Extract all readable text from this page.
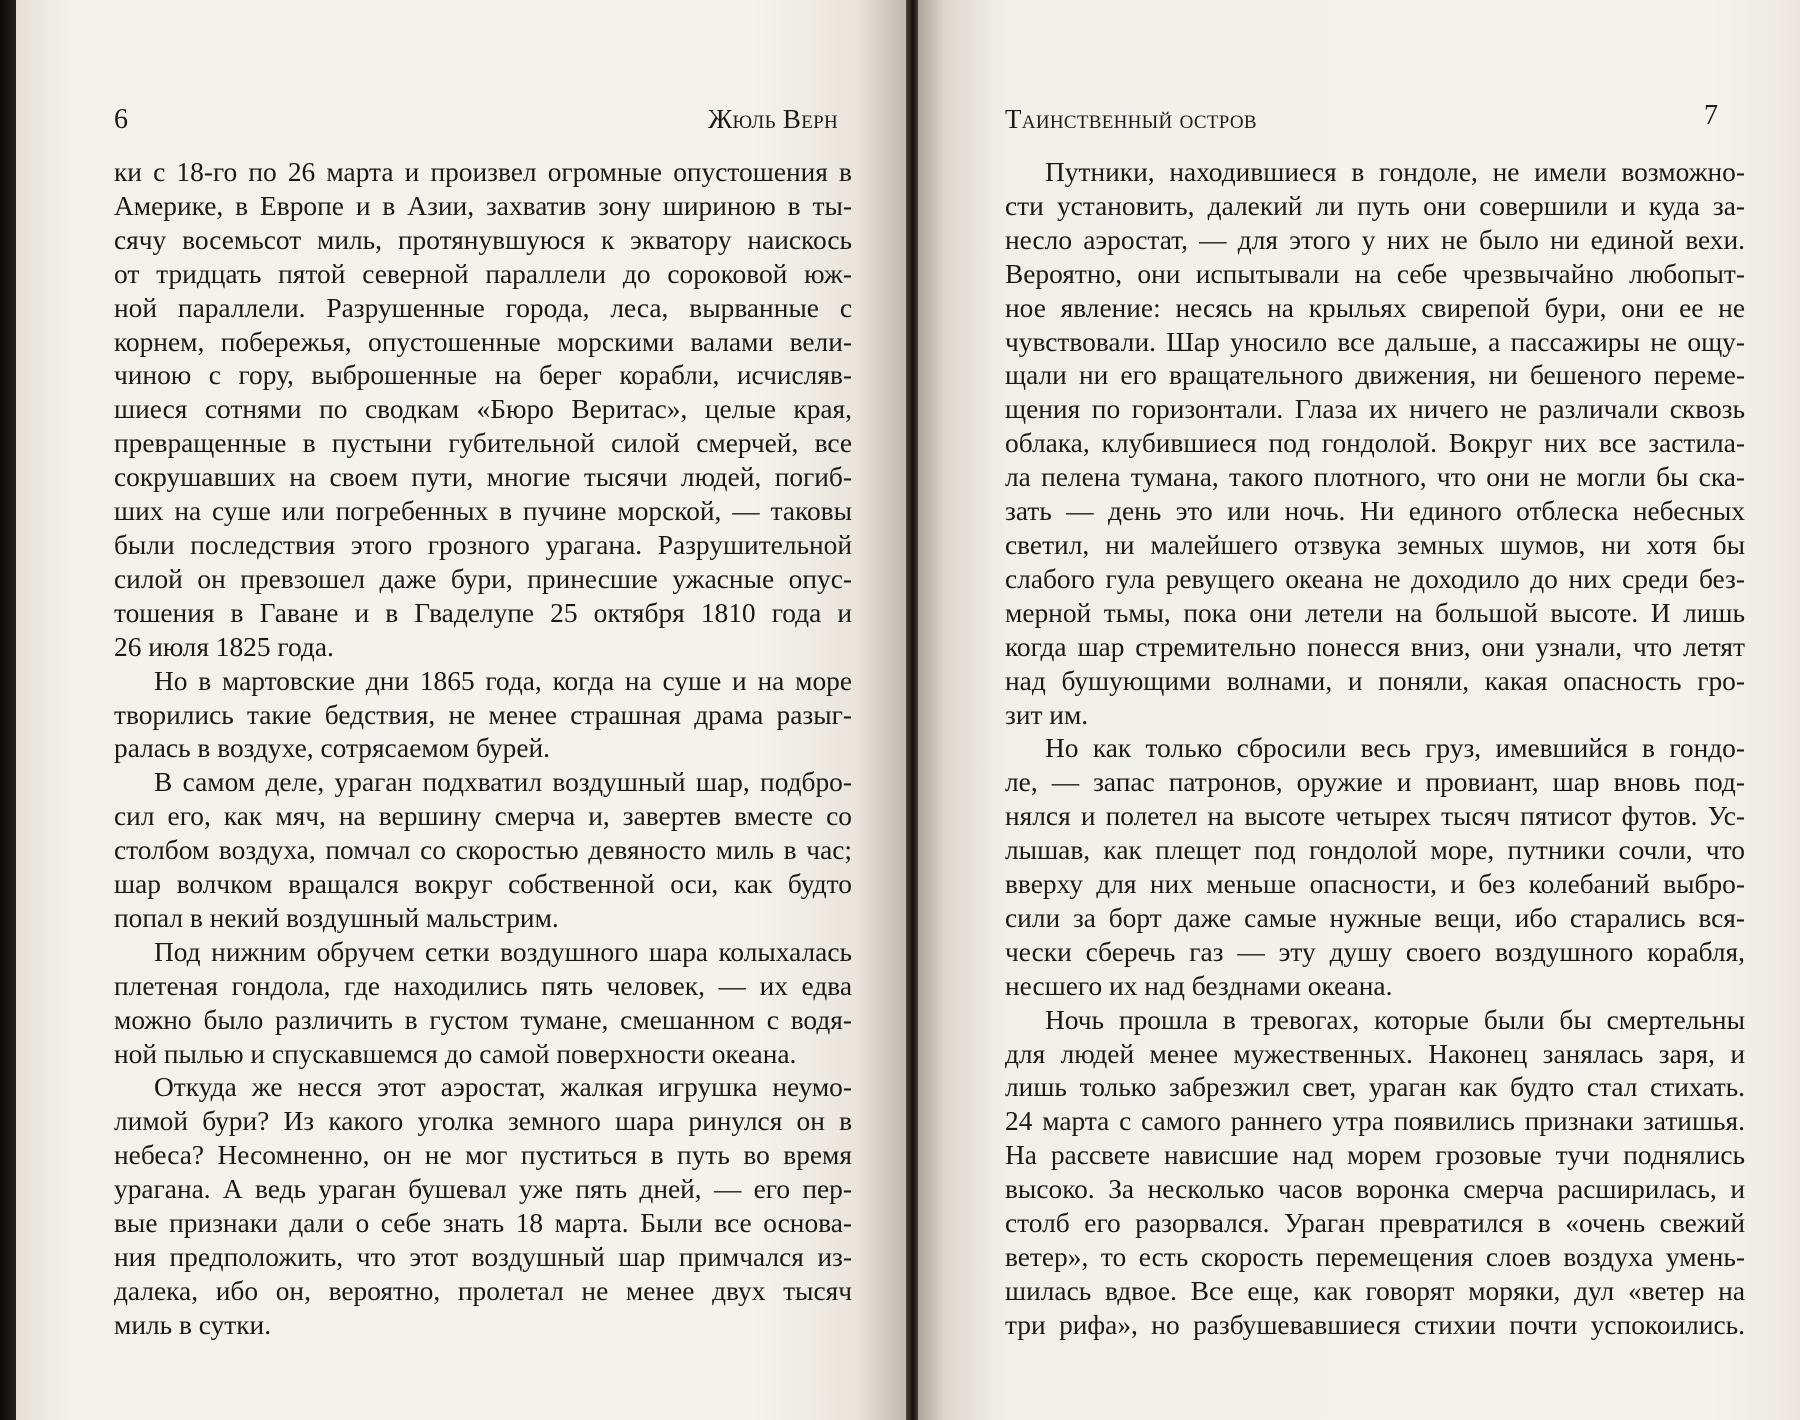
6	Жюль Верн
ки с 18-го по 26 марта и произвел огромные опустошения в
Америке, в Европе и в Азии, захватив зону шириною в ты-
сячу восемьсот миль, протянувшуюся к экватору наискось
от тридцать пятой северной параллели до сороковой юж-
ной параллели. Разрушенные города, леса, вырванные с
корнем, побережья, опустошенные морскими валами вели-
чиною с гору, выброшенные на берег корабли, исчисляв-
шиеся сотнями по сводкам «Бюро Веритас», целые края,
превращенные в пустыни губительной силой смерчей, все
сокрушавших на своем пути, многие тысячи людей, погиб-
ших на суше или погребенных в пучине морской, — таковы
были последствия этого грозного урагана. Разрушительной
силой он превзошел даже бури, принесшие ужасные опус-
тошения в Гаване и в Гваделупе 25 октября 1810 года и
26 июля 1825 года.
Но в мартовские дни 1865 года, когда на суше и на море
творились такие бедствия, не менее страшная драма разыг-
ралась в воздухе, сотрясаемом бурей.
В самом деле, ураган подхватил воздушный шар, подбро-
сил его, как мяч, на вершину смерча и, завертев вместе со
столбом воздуха, помчал со скоростью девяносто миль в час;
шар волчком вращался вокруг собственной оси, как будто
попал в некий воздушный мальстрим.
Под нижним обручем сетки воздушного шара колыхалась
плетеная гондола, где находились пять человек, — их едва
можно было различить в густом тумане, смешанном с водя-
ной пылью и спускавшемся до самой поверхности океана.
Откуда же несся этот аэростат, жалкая игрушка неумо-
лимой бури? Из какого уголка земного шара ринулся он в
небеса? Несомненно, он не мог пуститься в путь во время
урагана. А ведь ураган бушевал уже пять дней, — его пер-
вые признаки дали о себе знать 18 марта. Были все основа-
ния предположить, что этот воздушный шар примчался из-
далека, ибо он, вероятно, пролетал не менее двух тысяч
миль в сутки.
Таинственный остров	7
Путники, находившиеся в гондоле, не имели возможно-
сти установить, далекий ли путь они совершили и куда за-
несло аэростат, — для этого у них не было ни единой вехи.
Вероятно, они испытывали на себе чрезвычайно любопыт-
ное явление: несясь на крыльях свирепой бури, они ее не
чувствовали. Шар уносило все дальше, а пассажиры не ощу-
щали ни его вращательного движения, ни бешеного переме-
щения по горизонтали. Глаза их ничего не различали сквозь
облака, клубившиеся под гондолой. Вокруг них все застила-
ла пелена тумана, такого плотного, что они не могли бы ска-
зать — день это или ночь. Ни единого отблеска небесных
светил, ни малейшего отзвука земных шумов, ни хотя бы
слабого гула ревущего океана не доходило до них среди без-
мерной тьмы, пока они летели на большой высоте. И лишь
когда шар стремительно понесся вниз, они узнали, что летят
над бушующими волнами, и поняли, какая опасность гро-
зит им.
Но как только сбросили весь груз, имевшийся в гондо-
ле, — запас патронов, оружие и провиант, шар вновь под-
нялся и полетел на высоте четырех тысяч пятисот футов. Ус-
лышав, как плещет под гондолой море, путники сочли, что
вверху для них меньше опасности, и без колебаний выбро-
сили за борт даже самые нужные вещи, ибо старались вся-
чески сберечь газ — эту душу своего воздушного корабля,
несшего их над безднами океана.
Ночь прошла в тревогах, которые были бы смертельны
для людей менее мужественных. Наконец занялась заря, и
лишь только забрезжил свет, ураган как будто стал стихать.
24 марта с самого раннего утра появились признаки затишья.
На рассвете нависшие над морем грозовые тучи поднялись
высоко. За несколько часов воронка смерча расширилась, и
столб его разорвался. Ураган превратился в «очень свежий
ветер», то есть скорость перемещения слоев воздуха умень-
шилась вдвое. Все еще, как говорят моряки, дул «ветер на
три рифа», но разбушевавшиеся стихии почти успокоились.
